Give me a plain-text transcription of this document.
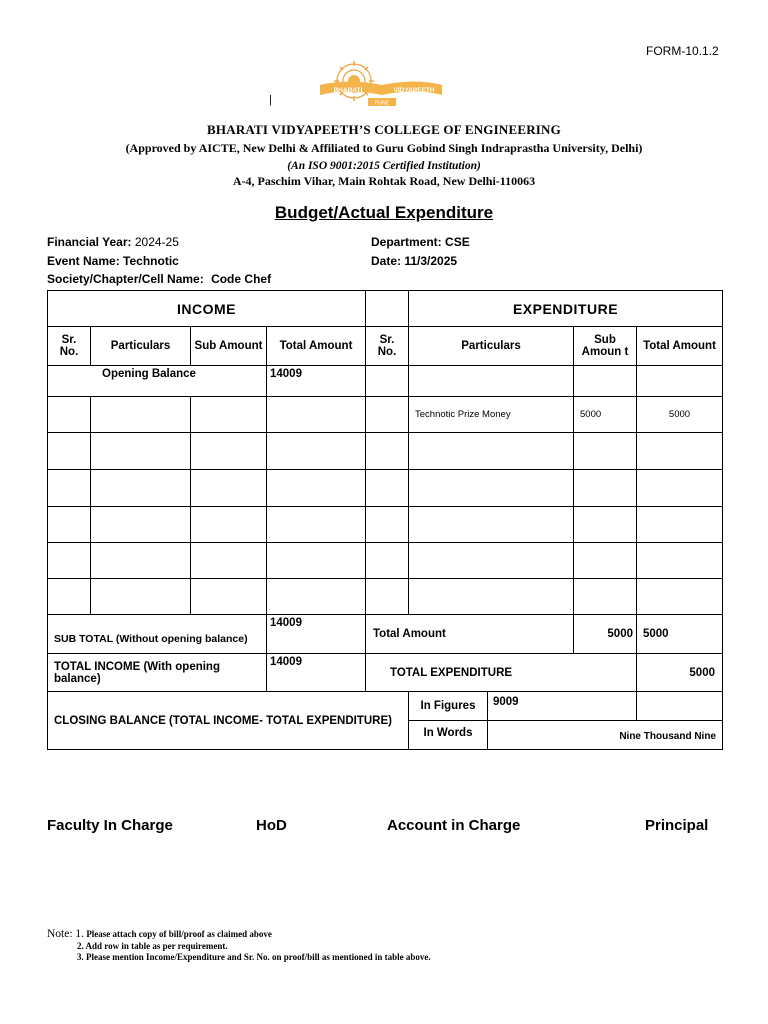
FORM-10.1.2
BHARATI	VIDYAPEETH
PUNE
|
BHARATI VIDYAPEETH’S COLLEGE OF ENGINEERING
(Approved by AICTE, New Delhi & Affiliated to Guru Gobind Singh Indraprastha University, Delhi)
(An ISO 9001:2015 Certified Institution)
A-4, Paschim Vihar, Main Rohtak Road, New Delhi-110063
Budget/Actual Expenditure
Financial Year: 2024-25	Department: CSE
Event Name: Technotic	Date: 11/3/2025
Society/Chapter/Cell Name: Code Chef
INCOME					EXPENDITURE		
Sr. No.	Particulars	Sub Amount	Total Amount	Sr. No.	Particulars	Sub Amoun t	Total Amount
Opening Balance			14009				
					Technotic Prize Money	5000	5000

SUB TOTAL (Without opening balance)			14009	Total Amount		5000	5000
TOTAL INCOME (With opening balance)			14009	TOTAL EXPENDITURE			5000
CLOSING BALANCE (TOTAL INCOME- TOTAL EXPENDITURE)					In Figures 9009		

In Words Nine Thousand Nine		
Faculty In Charge	HoD	Account in Charge	Principal
Note: 1. Please attach copy of bill/proof as claimed above
2. Add row in table as per requirement.
3. Please mention Income/Expenditure and Sr. No. on proof/bill as mentioned in table above.
